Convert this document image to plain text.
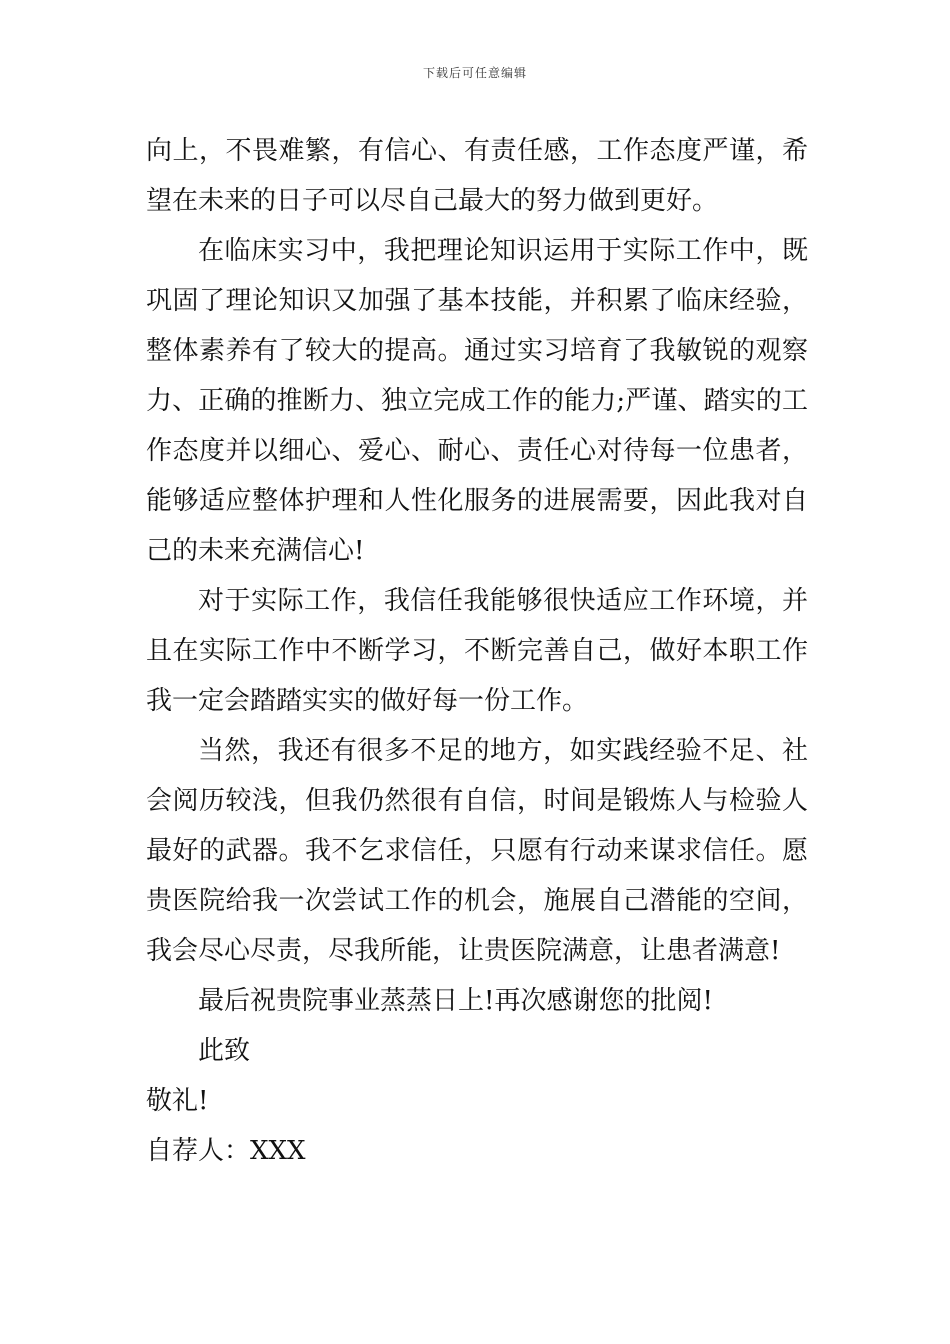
下载后可任意编辑
向上，不畏难繁，有信心、有责任感，工作态度严谨，希
望在未来的日子可以尽自己最大的努力做到更好。
在临床实习中，我把理论知识运用于实际工作中，既
巩固了理论知识又加强了基本技能，并积累了临床经验，
整体素养有了较大的提高。通过实习培育了我敏锐的观察
力、正确的推断力、独立完成工作的能力;严谨、踏实的工
作态度并以细心、爱心、耐心、责任心对待每一位患者，
能够适应整体护理和人性化服务的进展需要，因此我对自
己的未来充满信心!
对于实际工作，我信任我能够很快适应工作环境，并
且在实际工作中不断学习，不断完善自己，做好本职工作
我一定会踏踏实实的做好每一份工作。
当然，我还有很多不足的地方，如实践经验不足、社
会阅历较浅，但我仍然很有自信，时间是锻炼人与检验人
最好的武器。我不乞求信任，只愿有行动来谋求信任。愿
贵医院给我一次尝试工作的机会，施展自己潜能的空间，
我会尽心尽责，尽我所能，让贵医院满意，让患者满意!
最后祝贵院事业蒸蒸日上!再次感谢您的批阅!
此致
敬礼!
自荐人：XXX
